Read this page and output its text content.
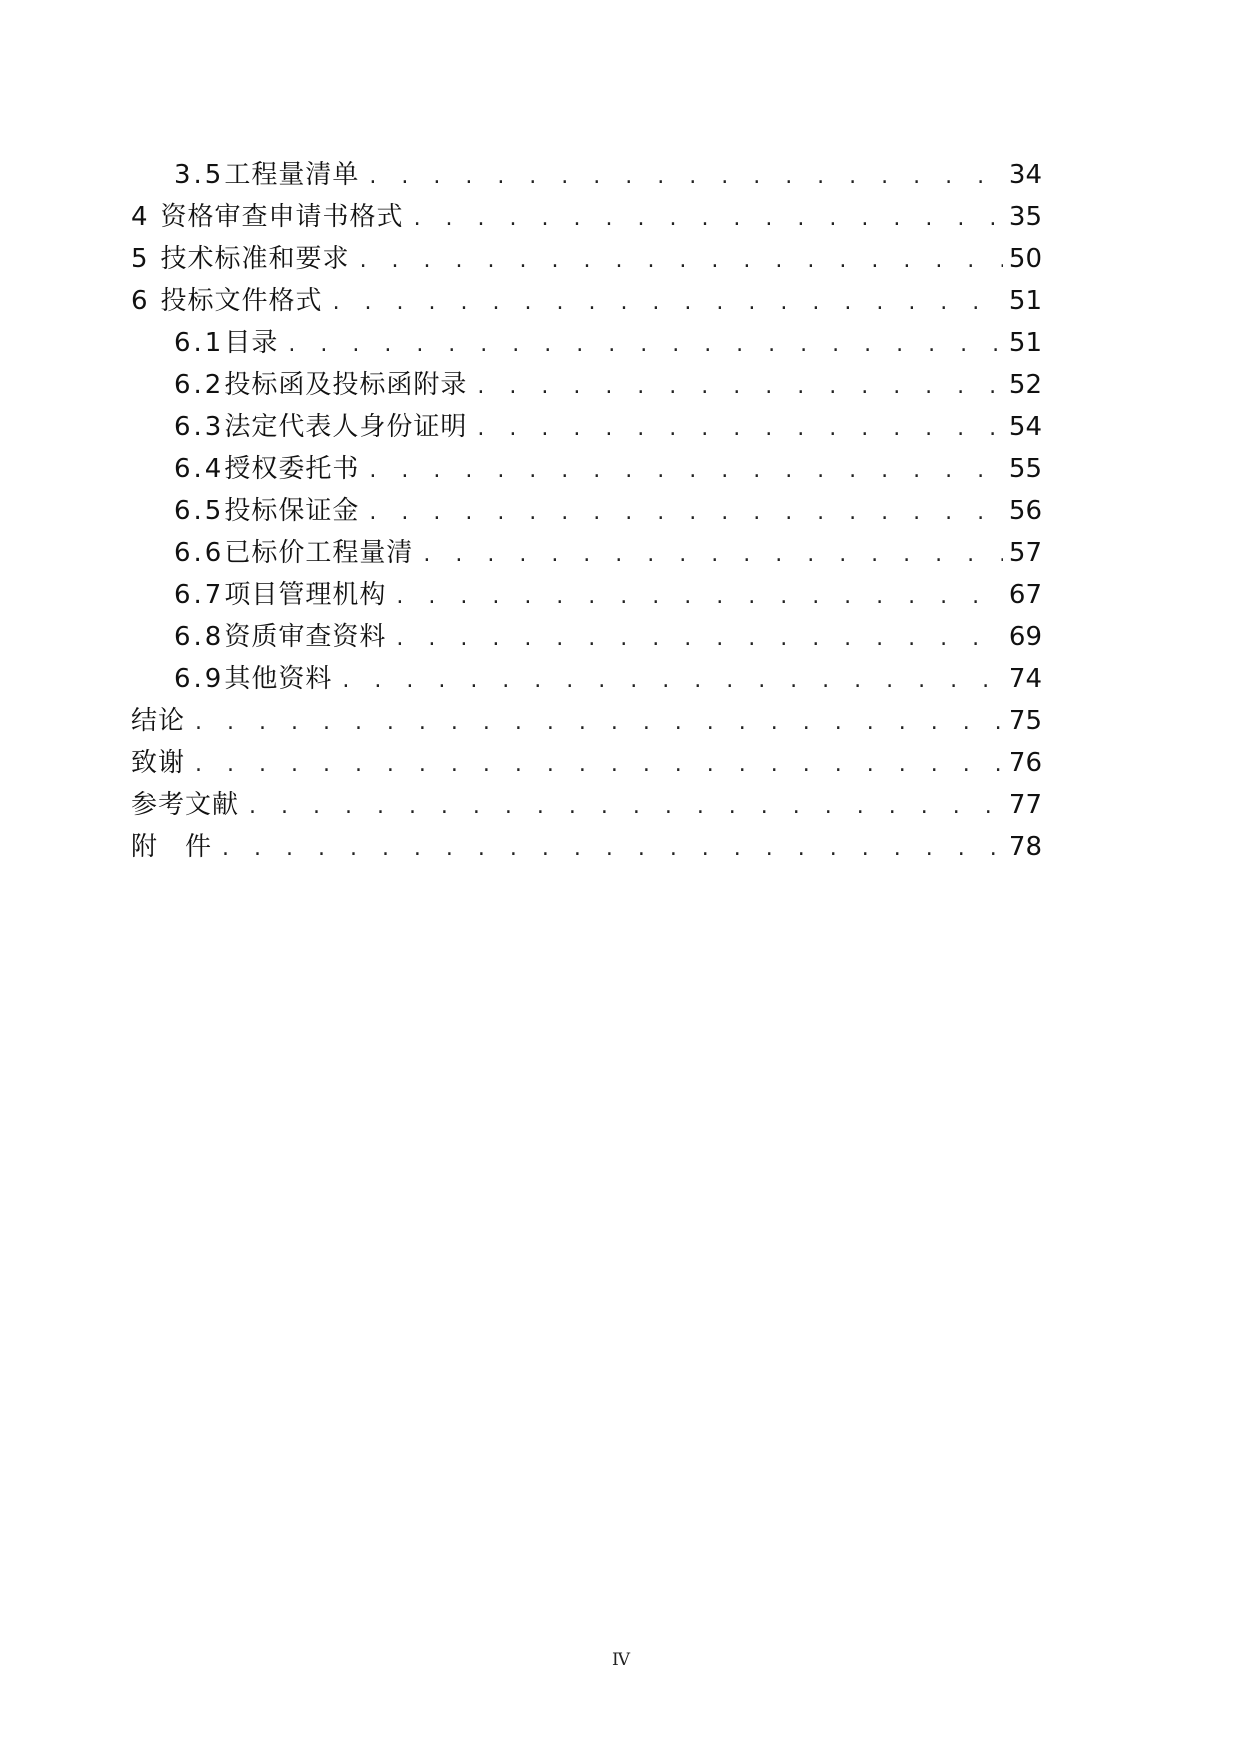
3.5 工程量清单 . . .	34
4 资格审查申请书格式 . . .	35
5 技术标准和要求 . . .	50
6 投标文件格式 . . .	51
6.1 目录 . . .	51
6.2 投标函及投标函附录 . . .	52
6.3 法定代表人身份证明 . . .	54
6.4 授权委托书 . . .	55
6.5 投标保证金 . . .	56
6.6 已标价工程量清 . . .	57
6.7 项目管理机构 . . .	67
6.8 资质审查资料 . . .	69
6.9 其他资料 . . .	74
结论 . . .	75
致谢 . . .	76
参考文献 . . .	77
附　件 . . .	78
IV
